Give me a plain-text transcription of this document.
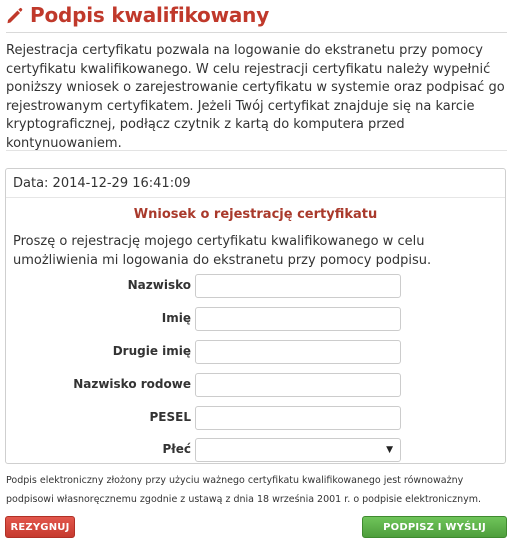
Podpis kwalifikowany
Rejestracja certyfikatu pozwala na logowanie do ekstranetu przy pomocy certyfikatu kwalifikowanego. W celu rejestracji certyfikatu należy wypełnić poniższy wniosek o zarejestrowanie certyfikatu w systemie oraz podpisać go rejestrowanym certyfikatem. Jeżeli Twój certyfikat znajduje się na karcie kryptograficznej, podłącz czytnik z kartą do komputera przed kontynuowaniem.
Data: 2014-12-29 16:41:09
Wniosek o rejestrację certyfikatu
Proszę o rejestrację mojego certyfikatu kwalifikowanego w celu umożliwienia mi logowania do ekstranetu przy pomocy podpisu.
Nazwisko
Imię
Drugie imię
Nazwisko rodowe
PESEL
Płeć	▼
Podpis elektroniczny złożony przy użyciu ważnego certyfikatu kwalifikowanego jest równoważny podpisowi własnoręcznemu zgodnie z ustawą z dnia 18 września 2001 r. o podpisie elektronicznym.
REZYGNUJ	PODPISZ I WYŚLIJ WNIOSEK
